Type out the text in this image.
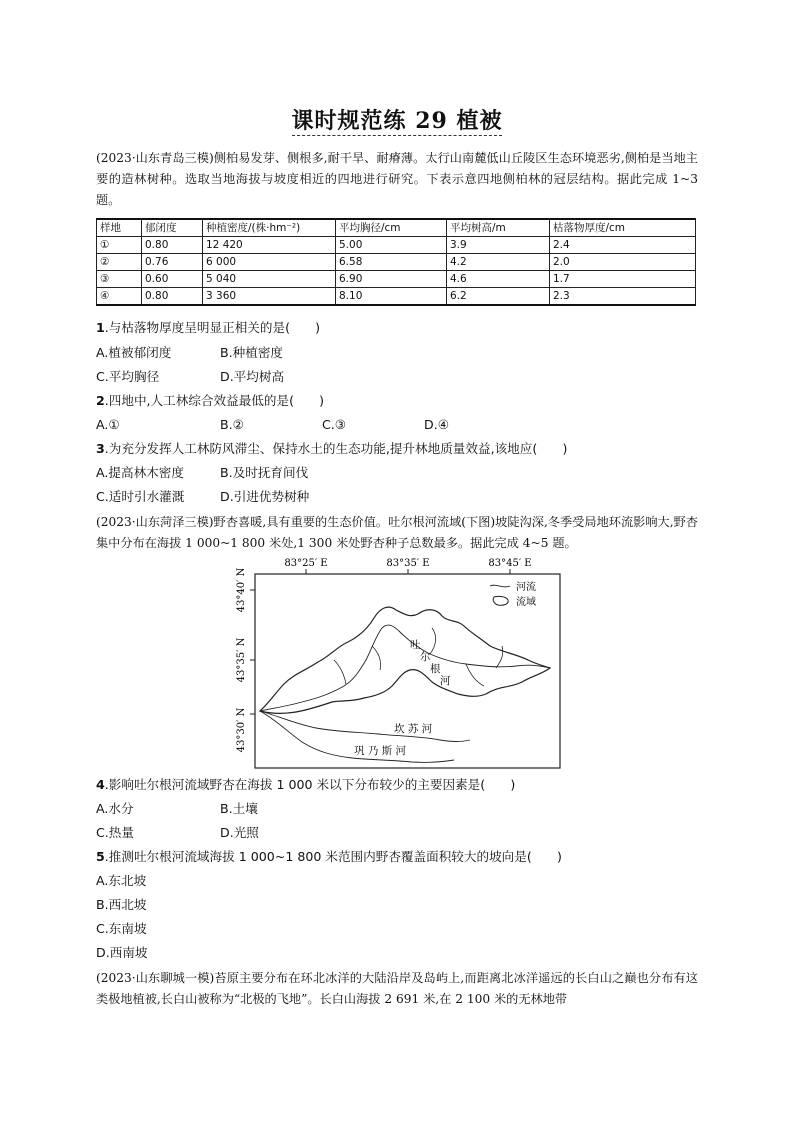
课时规范练 29 植被
(2023·山东青岛三模)侧柏易发芽、侧根多,耐干旱、耐瘠薄。太行山南麓低山丘陵区生态环境恶劣,侧柏是当地主要的造林树种。选取当地海拔与坡度相近的四地进行研究。下表示意四地侧柏林的冠层结构。据此完成 1~3 题。
样地	郁闭度	种植密度/(株·hm⁻²)	平均胸径/cm	平均树高/m	枯落物厚度/cm
①	0.80	12 420	5.00	3.9	2.4
②	0.76	6 000	6.58	4.2	2.0
③	0.60	5 040	6.90	4.6	1.7
④	0.80	3 360	8.10	6.2	2.3
1.与枯落物厚度呈明显正相关的是(　　)
A.植被郁闭度	B.种植密度
C.平均胸径	D.平均树高
2.四地中,人工林综合效益最低的是(　　)
A.①	B.②	C.③	D.④
3.为充分发挥人工林防风滞尘、保持水土的生态功能,提升林地质量效益,该地应(　　)
A.提高林木密度	B.及时抚育间伐
C.适时引水灌溉	D.引进优势树种
(2023·山东菏泽三模)野杏喜暖,具有重要的生态价值。吐尔根河流域(下图)坡陡沟深,冬季受局地环流影响大,野杏集中分布在海拔 1 000~1 800 米处,1 300 米处野杏种子总数最多。据此完成 4~5 题。
83°25′ E	83°35′ E	83°45′ E
43°40′ N
43°35′ N
43°30′ N
吐
尔
根
河
坎 苏 河
巩 乃 斯 河
河流
流域
4.影响吐尔根河流域野杏在海拔 1 000 米以下分布较少的主要因素是(　　)
A.水分	B.土壤
C.热量	D.光照
5.推测吐尔根河流域海拔 1 000~1 800 米范围内野杏覆盖面积较大的坡向是(　　)
A.东北坡
B.西北坡
C.东南坡
D.西南坡
(2023·山东聊城一模)苔原主要分布在环北冰洋的大陆沿岸及岛屿上,而距离北冰洋遥远的长白山之巅也分布有这类极地植被,长白山被称为“北极的飞地”。长白山海拔 2 691 米,在 2 100 米的无林地带
